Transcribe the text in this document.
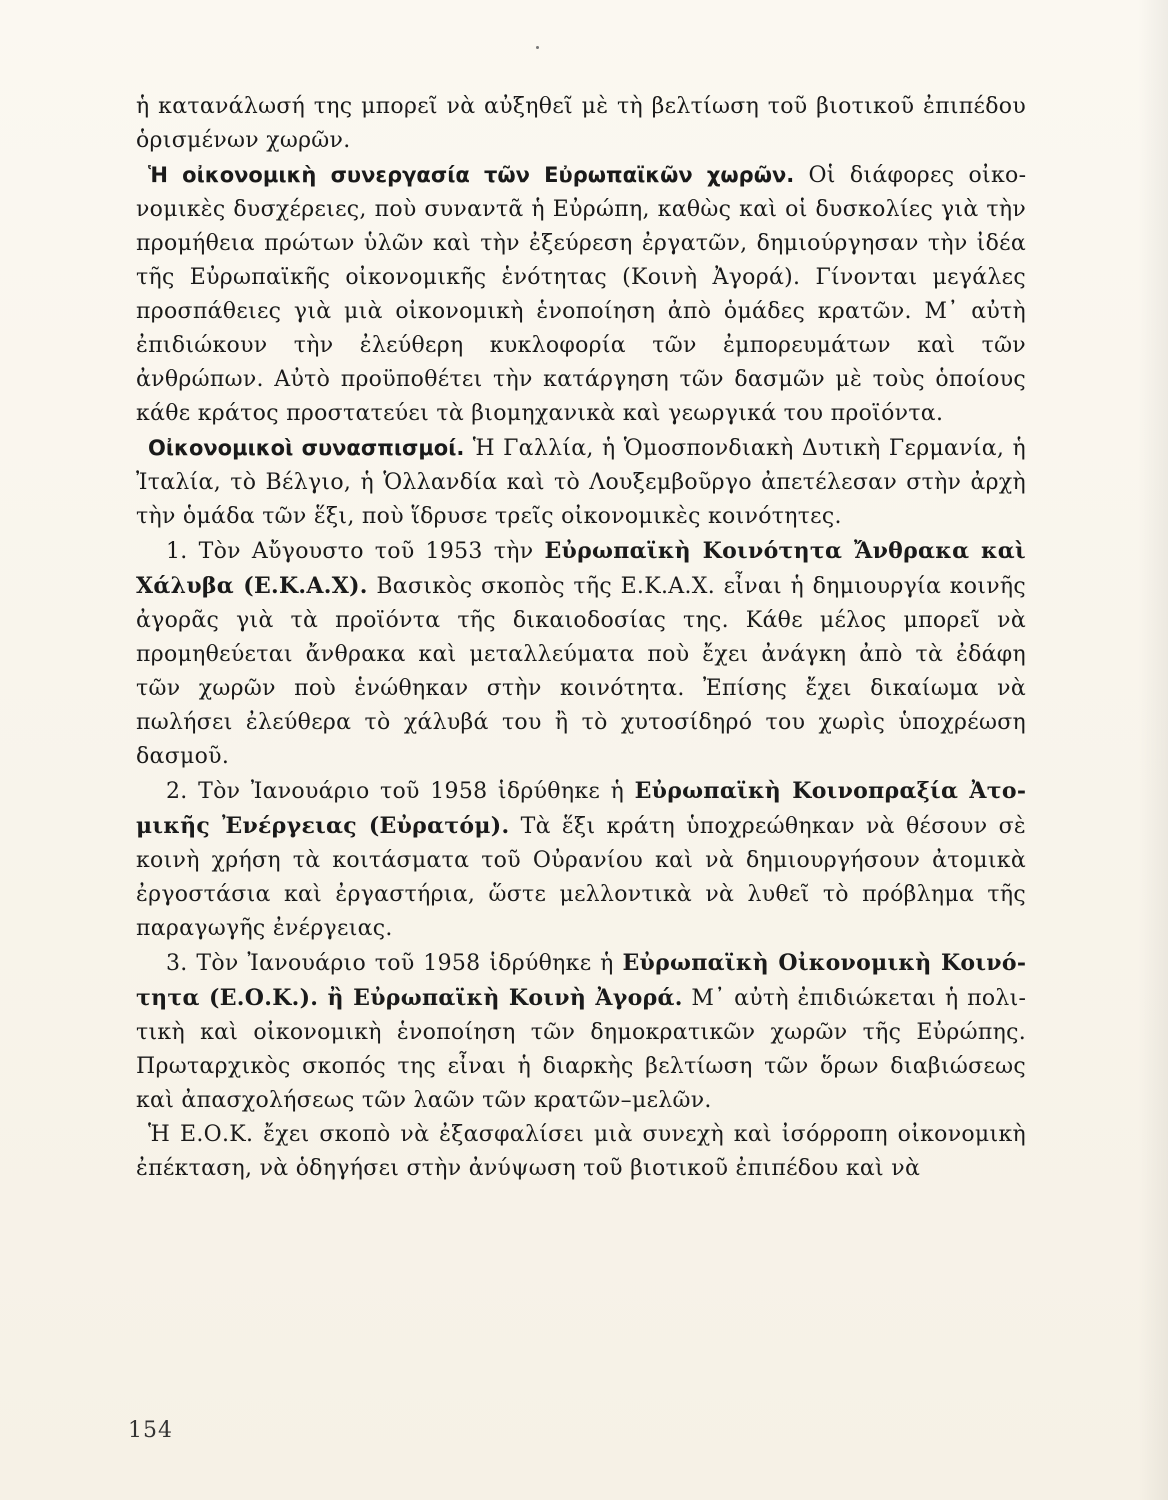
ἡ κατανάλωσή της μπορεῖ νὰ αὐξηθεῖ μὲ τὴ βελτίωση τοῦ βιοτικοῦ ἐπιπέδου ὁρισμένων χωρῶν.

Ἡ οἰκονομικὴ συνεργασία τῶν Εὐρωπαϊκῶν χωρῶν. Οἱ διάφορες οἰκονομικὲς δυσχέρειες, ποὺ συναντᾶ ἡ Εὐρώπη, καθὼς καὶ οἱ δυσκολίες γιὰ τὴν προμήθεια πρώτων ὑλῶν καὶ τὴν ἐξεύρεση ἐργατῶν, δημιούργησαν τὴν ἰδέα τῆς Εὐρωπαϊκῆς οἰκονομικῆς ἑνότητας (Κοινὴ Ἀγορά). Γίνονται μεγάλες προσπάθειες γιὰ μιὰ οἰκονομικὴ ἑνοποίηση ἀπὸ ὁμάδες κρατῶν. Μ᾿ αὐτὴ ἐπιδιώκουν τὴν ἐλεύθερη κυκλοφορία τῶν ἐμπορευμάτων καὶ τῶν ἀνθρώπων. Αὐτὸ προϋποθέτει τὴν κατάργηση τῶν δασμῶν μὲ τοὺς ὁποίους κάθε κράτος προστατεύει τὰ βιομηχανικὰ καὶ γεωργικά του προϊόντα.

Οἰκονομικοὶ συνασπισμοί. Ἡ Γαλλία, ἡ Ὁμοσπονδιακὴ Δυτικὴ Γερμανία, ἡ Ἰταλία, τὸ Βέλγιο, ἡ Ὁλλανδία καὶ τὸ Λουξεμβοῦργο ἀπετέλεσαν στὴν ἀρχὴ τὴν ὁμάδα τῶν ἕξι, ποὺ ἵδρυσε τρεῖς οἰκονομικὲς κοινότητες.

1. Τὸν Αὔγουστο τοῦ 1953 τὴν Εὐρωπαϊκὴ Κοινότητα Ἄνθρακα καὶ Χάλυβα (Ε.Κ.Α.Χ). Βασικὸς σκοπὸς τῆς Ε.Κ.Α.Χ. εἶναι ἡ δημιουργία κοινῆς ἀγορᾶς γιὰ τὰ προϊόντα τῆς δικαιοδοσίας της. Κάθε μέλος μπορεῖ νὰ προμηθεύεται ἄνθρακα καὶ μεταλλεύματα ποὺ ἔχει ἀνάγκη ἀπὸ τὰ ἐδάφη τῶν χωρῶν ποὺ ἑνώθηκαν στὴν κοινότητα. Ἐπίσης ἔχει δικαίωμα νὰ πωλήσει ἐλεύθερα τὸ χάλυβά του ἢ τὸ χυτοσίδηρό του χωρὶς ὑποχρέωση δασμοῦ.

2. Τὸν Ἰανουάριο τοῦ 1958 ἱδρύθηκε ἡ Εὐρωπαϊκὴ Κοινοπραξία Ἀτομικῆς Ἐνέργειας (Εὐρατόμ). Τὰ ἕξι κράτη ὑποχρεώθηκαν νὰ θέσουν σὲ κοινὴ χρήση τὰ κοιτάσματα τοῦ Οὐρανίου καὶ νὰ δημιουργήσουν ἀτομικὰ ἐργοστάσια καὶ ἐργαστήρια, ὥστε μελλοντικὰ νὰ λυθεῖ τὸ πρόβλημα τῆς παραγωγῆς ἐνέργειας.

3. Τὸν Ἰανουάριο τοῦ 1958 ἱδρύθηκε ἡ Εὐρωπαϊκὴ Οἰκονομικὴ Κοινότητα (Ε.Ο.Κ.). ἢ Εὐρωπαϊκὴ Κοινὴ Ἀγορά. Μ᾿ αὐτὴ ἐπιδιώκεται ἡ πολιτικὴ καὶ οἰκονομικὴ ἑνοποίηση τῶν δημοκρατικῶν χωρῶν τῆς Εὐρώπης. Πρωταρχικὸς σκοπός της εἶναι ἡ διαρκὴς βελτίωση τῶν ὅρων διαβιώσεως καὶ ἀπασχολήσεως τῶν λαῶν τῶν κρατῶν–μελῶν.

Ἡ Ε.Ο.Κ. ἔχει σκοπὸ νὰ ἐξασφαλίσει μιὰ συνεχὴ καὶ ἰσόρροπη οἰκονομικὴ ἐπέκταση, νὰ ὁδηγήσει στὴν ἀνύψωση τοῦ βιοτικοῦ ἐπιπέδου καὶ νὰ

154
